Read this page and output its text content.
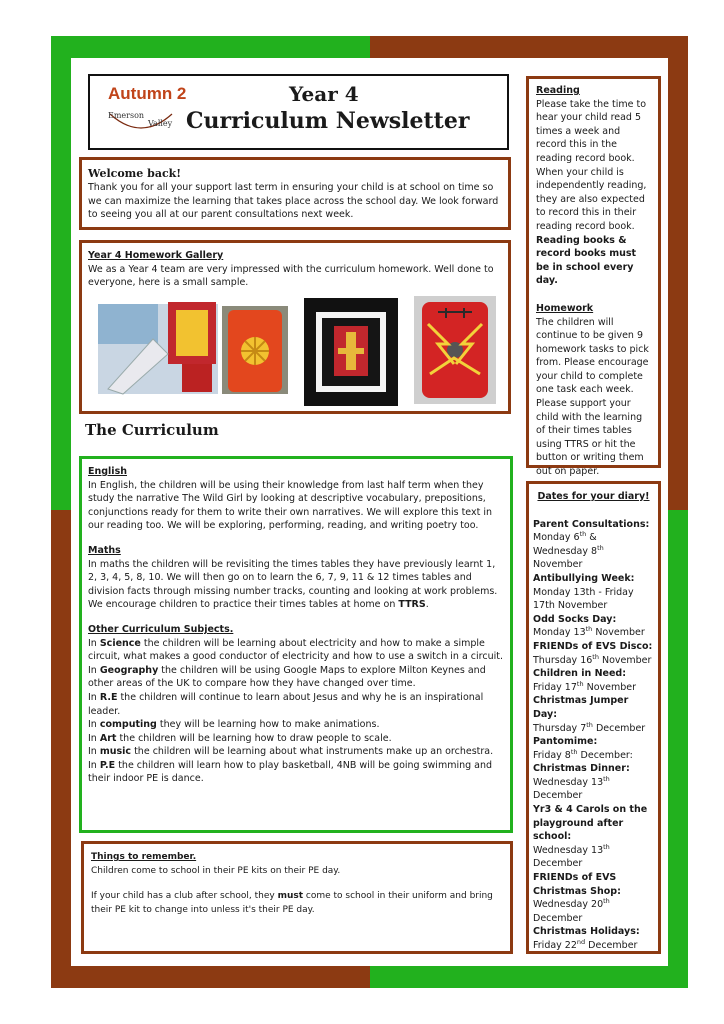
Autumn 2
Emerson
Valley
Year 4
Curriculum Newsletter

Welcome back!

Thank you for all your support last term in ensuring your child is at school on time so we can maximize the learning that takes place across the school day. We look forward to seeing you all at our parent consultations next week.

Year 4 Homework Gallery

We as a Year 4 team are very impressed with the curriculum homework. Well done to everyone, here is a small sample.

The Curriculum

English

In English, the children will be using their knowledge from last half term when they study the narrative The Wild Girl by looking at descriptive vocabulary, prepositions, conjunctions ready for them to write their own narratives. We will explore this text in our reading too. We will be exploring, performing, reading, and writing poetry too.

Maths

In maths the children will be revisiting the times tables they have previously learnt 1, 2, 3, 4, 5, 8, 10. We will then go on to learn the 6, 7, 9, 11 & 12 times tables and division facts through missing number tracks, counting and looking at work problems. We encourage children to practice their times tables at home on TTRS.

Other Curriculum Subjects.

In Science the children will be learning about electricity and how to make a simple circuit, what makes a good conductor of electricity and how to use a switch in a circuit.

In Geography the children will be using Google Maps to explore Milton Keynes and other areas of the UK to compare how they have changed over time.

In R.E the children will continue to learn about Jesus and why he is an inspirational leader.

In computing they will be learning how to make animations.

In Art the children will be learning how to draw people to scale.

In music the children will be learning about what instruments make up an orchestra.

In P.E the children will learn how to play basketball, 4NB will be going swimming and their indoor PE is dance.

Things to remember.

Children come to school in their PE kits on their PE day.

If your child has a club after school, they must come to school in their uniform and bring their PE kit to change into unless it's their PE day.

Reading

Please take the time to hear your child read 5 times a week and record this in the reading record book. When your child is independently reading, they are also expected to record this in their reading record book.

Reading books & record books must be in school every day.

Homework

The children will continue to be given 9 homework tasks to pick from. Please encourage your child to complete one task each week.

Please support your child with the learning of their times tables using TTRS or hit the button or writing them out on paper.

Dates for your diary!

Parent Consultations:
Monday 6th & Wednesday 8th November
Antibullying Week:
Monday 13th - Friday 17th November
Odd Socks Day:
Monday 13th November
FRIENDs of EVS Disco:
Thursday 16th November
Children in Need:
Friday 17th November
Christmas Jumper Day:
Thursday 7th December
Pantomime:
Friday 8th December:
Christmas Dinner:
Wednesday 13th December
Yr3 & 4 Carols on the playground after school:
Wednesday 13th December
FRIENDs of EVS Christmas Shop:
Wednesday 20th December
Christmas Holidays:
Friday 22nd December
